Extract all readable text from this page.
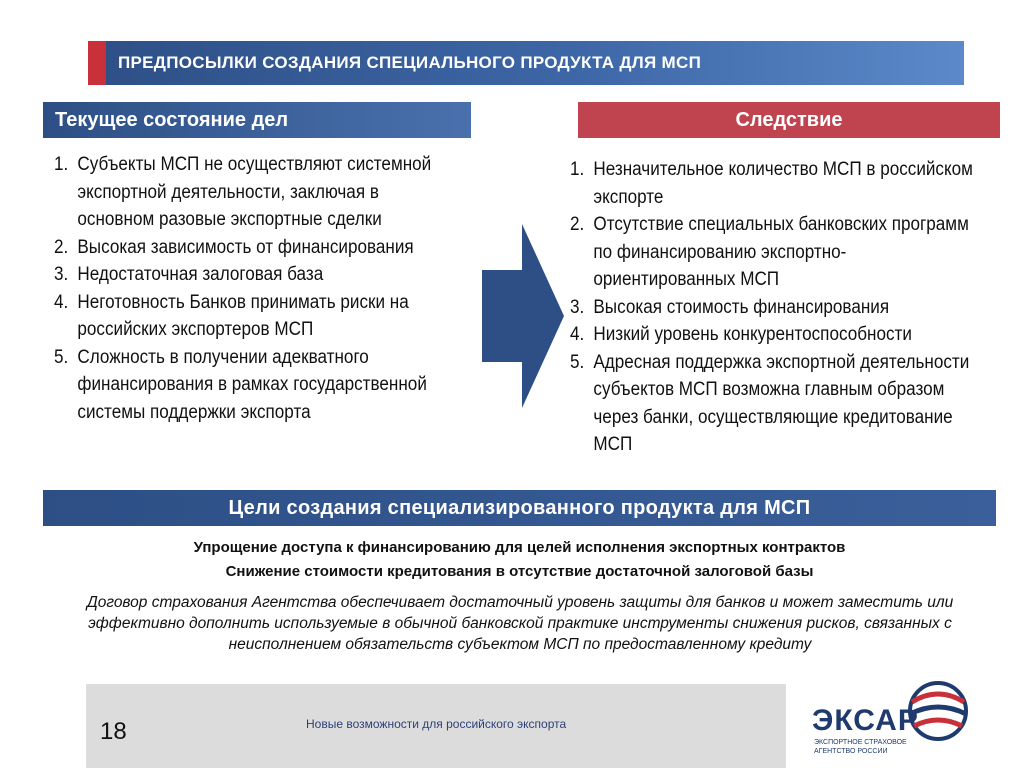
ПРЕДПОСЫЛКИ СОЗДАНИЯ СПЕЦИАЛЬНОГО ПРОДУКТА ДЛЯ МСП
Текущее состояние дел	Следствие
1. Субъекты МСП не осуществляют системной экспортной деятельности, заключая в основном разовые экспортные сделки
2. Высокая зависимость от финансирования
3. Недостаточная залоговая база
4. Неготовность Банков принимать риски на российских экспортеров МСП
5. Сложность в получении адекватного финансирования в рамках государственной системы поддержки экспорта
1. Незначительное количество МСП в российском экспорте
2. Отсутствие специальных банковских программ по финансированию экспортно-ориентированных МСП
3. Высокая стоимость финансирования
4. Низкий уровень конкурентоспособности
5. Адресная поддержка экспортной деятельности субъектов МСП возможна главным образом через банки, осуществляющие кредитование МСП
Цели создания специализированного продукта для МСП
Упрощение доступа к финансированию для целей исполнения экспортных контрактов
Снижение стоимости кредитования в отсутствие достаточной залоговой базы
Договор страхования Агентства обеспечивает достаточный уровень защиты для банков и может заместить или эффективно дополнить используемые в обычной банковской практике инструменты снижения рисков, связанных с неисполнением обязательств субъектом МСП по предоставленному кредиту
18	Новые возможности для российского экспорта	ЭКСАР
ЭКСПОРТНОЕ СТРАХОВОЕ
АГЕНТСТВО РОССИИ
